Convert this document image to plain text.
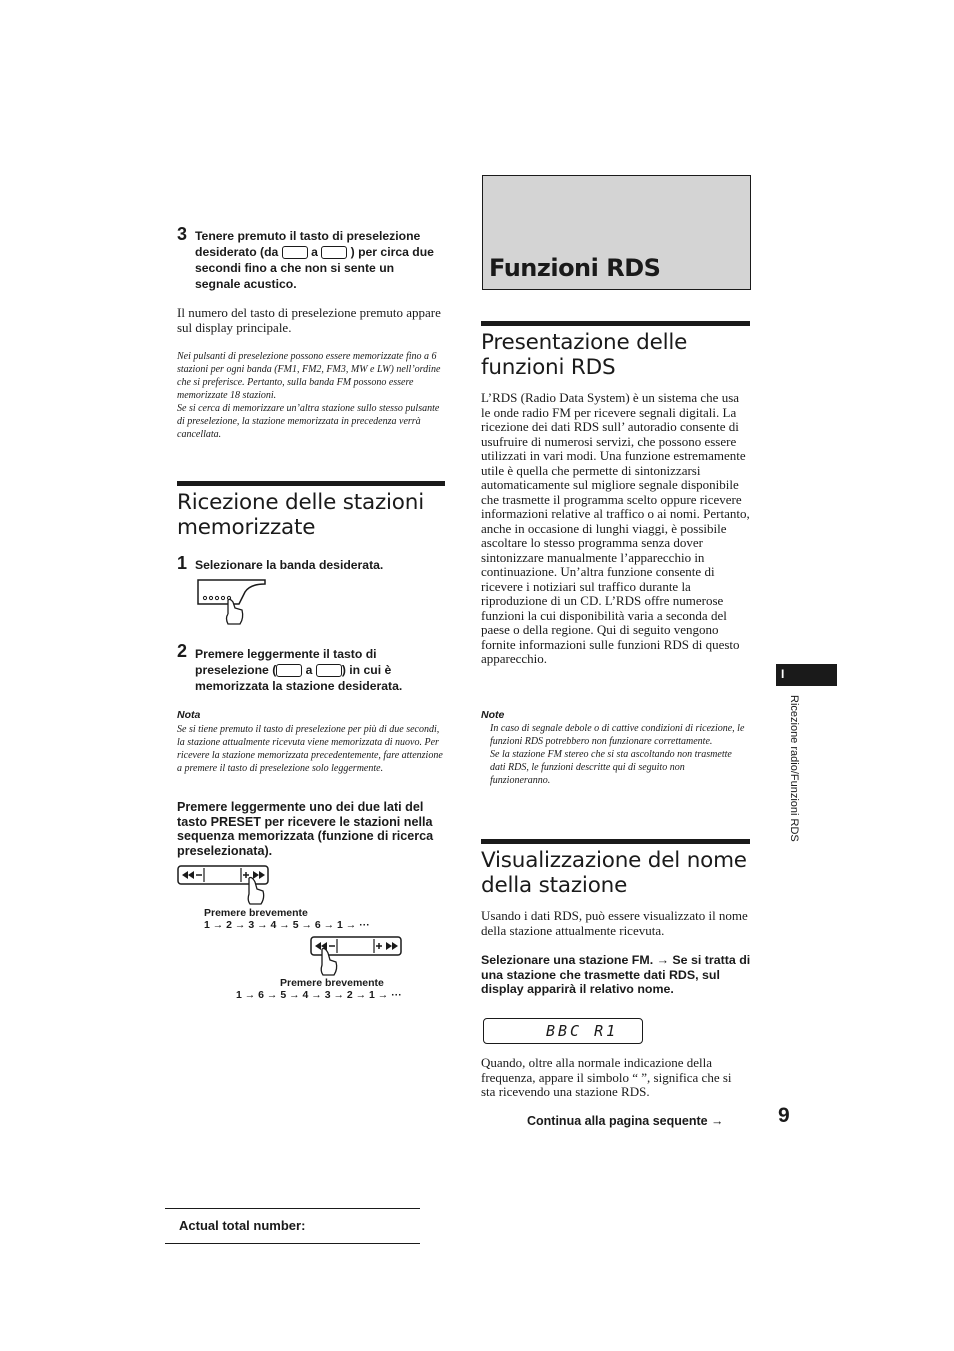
3 Tenere premuto il tasto di preselezione desiderato (da  a  ) per circa due secondi fino a che non si sente un segnale acustico.
Il numero del tasto di preselezione premuto appare sul display principale.
Nei pulsanti di preselezione possono essere memorizzate fino a 6 stazioni per ogni banda (FM1, FM2, FM3, MW e LW) nell’ordine che si preferisce. Pertanto, sulla banda FM possono essere memorizzate 18 stazioni.
Se si cerca di memorizzare un’altra stazione sullo stesso pulsante di preselezione, la stazione memorizzata in precedenza verrà cancellata.
Ricezione delle stazioni memorizzate
1 Selezionare la banda desiderata.
2 Premere leggermente il tasto di preselezione ( a ) in cui è memorizzata la stazione desiderata.
Nota
Se si tiene premuto il tasto di preselezione per più di due secondi, la stazione attualmente ricevuta viene memorizzata di nuovo. Per ricevere la stazione memorizzata precedentemente, fare attenzione a premere il tasto di preselezione solo leggermente.
Premere leggermente uno dei due lati del tasto PRESET per ricevere le stazioni nella sequenza memorizzata (funzione di ricerca preselezionata).
Premere brevemente
1 → 2 → 3 → 4 → 5 → 6 → 1 → ···
Premere brevemente
1 → 6 → 5 → 4 → 3 → 2 → 1 → ···
Actual total number:
Funzioni RDS
Presentazione delle funzioni RDS
L’RDS (Radio Data System) è un sistema che usa le onde radio FM per ricevere segnali digitali. La ricezione dei dati RDS sull’ autoradio consente di usufruire di numerosi servizi, che possono essere utilizzati in vari modi. Una funzione estremamente utile è quella che permette di sintonizzarsi automaticamente sul migliore segnale disponibile che trasmette il programma scelto oppure ricevere informazioni relative al traffico o ai nomi. Pertanto, anche in occasione di lunghi viaggi, è possibile ascoltare lo stesso programma senza dover sintonizzare manualmente l’apparecchio in continuazione. Un’altra funzione consente di ricevere i notiziari sul traffico durante la riproduzione di un CD. L’RDS offre numerose funzioni la cui disponibilità varia a seconda del paese o della regione. Qui di seguito vengono fornite informazioni sulle funzioni RDS di questo apparecchio.
Note
In caso di segnale debole o di cattive condizioni di ricezione, le funzioni RDS potrebbero non funzionare correttamente.
Se la stazione FM stereo che si sta ascoltando non trasmette dati RDS, le funzioni descritte qui di seguito non funzioneranno.
Visualizzazione del nome della stazione
Usando i dati RDS, può essere visualizzato il nome della stazione attualmente ricevuta.
Selezionare una stazione FM. → Se si tratta di una stazione che trasmette dati RDS, sul display apparirà il relativo nome.
BBC R1
Quando, oltre alla normale indicazione della frequenza, appare il simbolo “ ”, significa che si sta ricevendo una stazione RDS.
Continua alla pagina sequente →	9
I
Ricezione radio/Funzioni RDS
